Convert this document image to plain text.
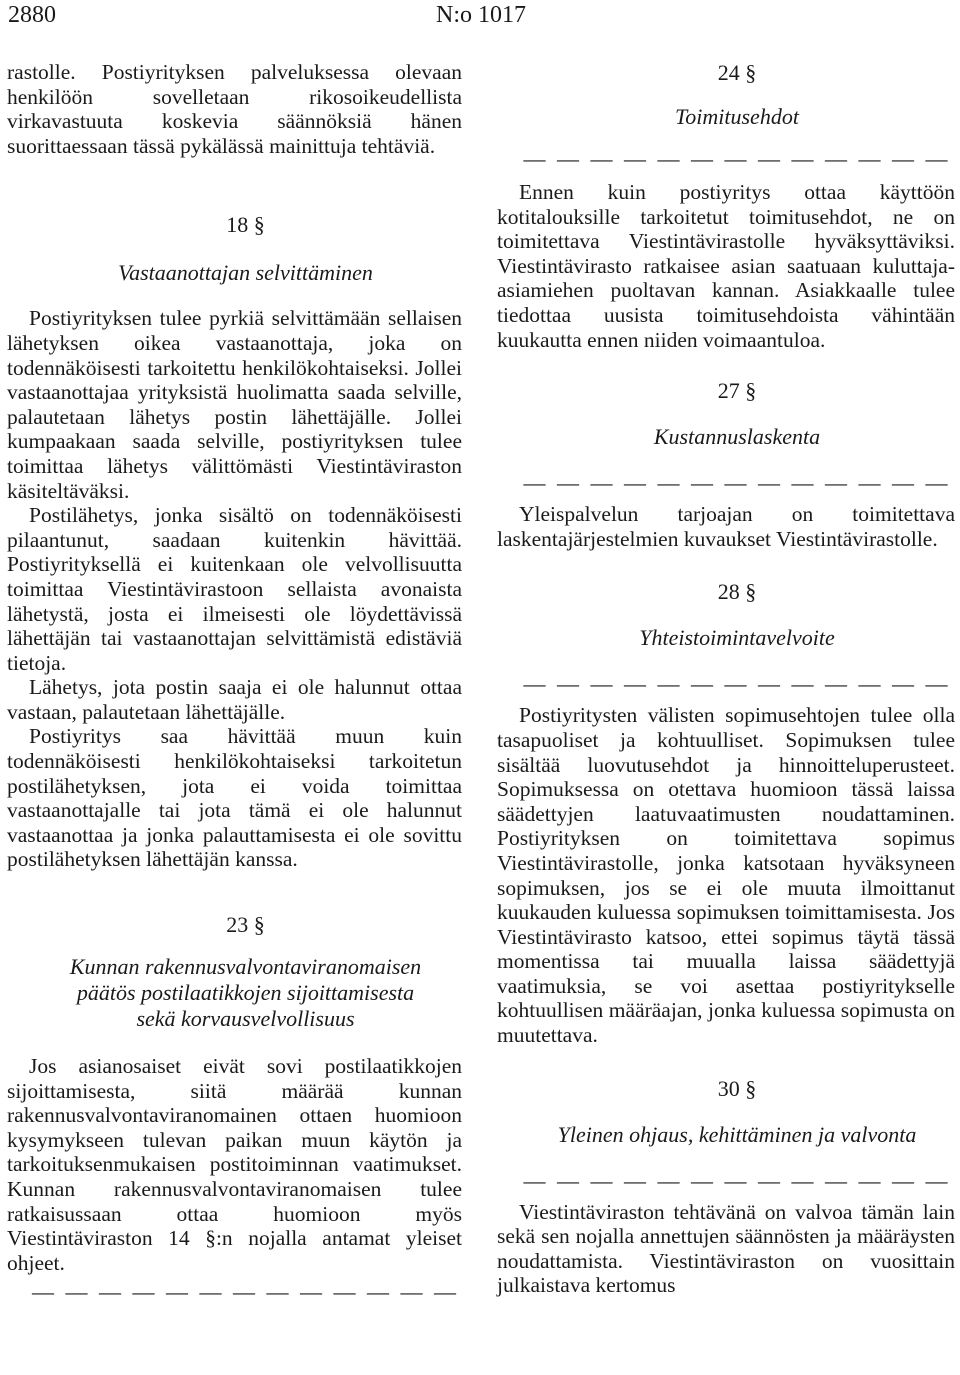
2880	N:o 1017

rastolle. Postiyrityksen palveluksessa olevaan henkilöön sovelletaan rikosoikeudellista virkavastuuta koskevia säännöksiä hänen suorittaessaan tässä pykälässä mainittuja tehtäviä.

18 §

Vastaanottajan selvittäminen

Postiyrityksen tulee pyrkiä selvittämään sellaisen lähetyksen oikea vastaanottaja, joka on todennäköisesti tarkoitettu henkilökohtaiseksi. Jollei vastaanottajaa yrityksistä huolimatta saada selville, palautetaan lähetys postin lähettäjälle. Jollei kumpaakaan saada selville, postiyrityksen tulee toimittaa lähetys välittömästi Viestintäviraston käsiteltäväksi.

Postilähetys, jonka sisältö on todennäköisesti pilaantunut, saadaan kuitenkin hävittää. Postiyrityksellä ei kuitenkaan ole velvollisuutta toimittaa Viestintävirastoon sellaista avonaista lähetystä, josta ei ilmeisesti ole löydettävissä lähettäjän tai vastaanottajan selvittämistä edistäviä tietoja.

Lähetys, jota postin saaja ei ole halunnut ottaa vastaan, palautetaan lähettäjälle.

Postiyritys saa hävittää muun kuin todennäköisesti henkilökohtaiseksi tarkoitetun postilähetyksen, jota ei voida toimittaa vastaanottajalle tai jota tämä ei ole halunnut vastaanottaa ja jonka palauttamisesta ei ole sovittu postilähetyksen lähettäjän kanssa.

23 §

Kunnan rakennusvalvontaviranomaisen

päätös postilaatikkojen sijoittamisesta

sekä korvausvelvollisuus

Jos asianosaiset eivät sovi postilaatikkojen sijoittamisesta, siitä määrää kunnan rakennusvalvontaviranomainen ottaen huomioon kysymykseen tulevan paikan muun käytön ja tarkoituksenmukaisen postitoiminnan vaatimukset. Kunnan rakennusvalvontaviranomaisen tulee ratkaisussaan ottaa huomioon myös Viestintäviraston 14 §:n nojalla antamat yleiset ohjeet.

— — — — — — — — — — — — —

24 §

Toimitusehdot

— — — — — — — — — — — — —

Ennen kuin postiyritys ottaa käyttöön kotitalouksille tarkoitetut toimitusehdot, ne on toimitettava Viestintävirastolle hyväksyttäviksi. Viestintävirasto ratkaisee asian saatuaan kuluttaja-asiamiehen puoltavan kannan. Asiakkaalle tulee tiedottaa uusista toimitusehdoista vähintään kuukautta ennen niiden voimaantuloa.

27 §

Kustannuslaskenta

— — — — — — — — — — — — —

Yleispalvelun tarjoajan on toimitettava laskentajärjestelmien kuvaukset Viestintävirastolle.

28 §

Yhteistoimintavelvoite

— — — — — — — — — — — — —

Postiyritysten välisten sopimusehtojen tulee olla tasapuoliset ja kohtuulliset. Sopimuksen tulee sisältää luovutusehdot ja hinnoitteluperusteet. Sopimuksessa on otettava huomioon tässä laissa säädettyjen laatuvaatimusten noudattaminen. Postiyrityksen on toimitettava sopimus Viestintävirastolle, jonka katsotaan hyväksyneen sopimuksen, jos se ei ole muuta ilmoittanut kuukauden kuluessa sopimuksen toimittamisesta. Jos Viestintävirasto katsoo, ettei sopimus täytä tässä momentissa tai muualla laissa säädettyjä vaatimuksia, se voi asettaa postiyritykselle kohtuullisen määräajan, jonka kuluessa sopimusta on muutettava.

30 §

Yleinen ohjaus, kehittäminen ja valvonta

— — — — — — — — — — — — —

Viestintäviraston tehtävänä on valvoa tämän lain sekä sen nojalla annettujen säännösten ja määräysten noudattamista. Viestintäviraston on vuosittain julkaistava kertomus
